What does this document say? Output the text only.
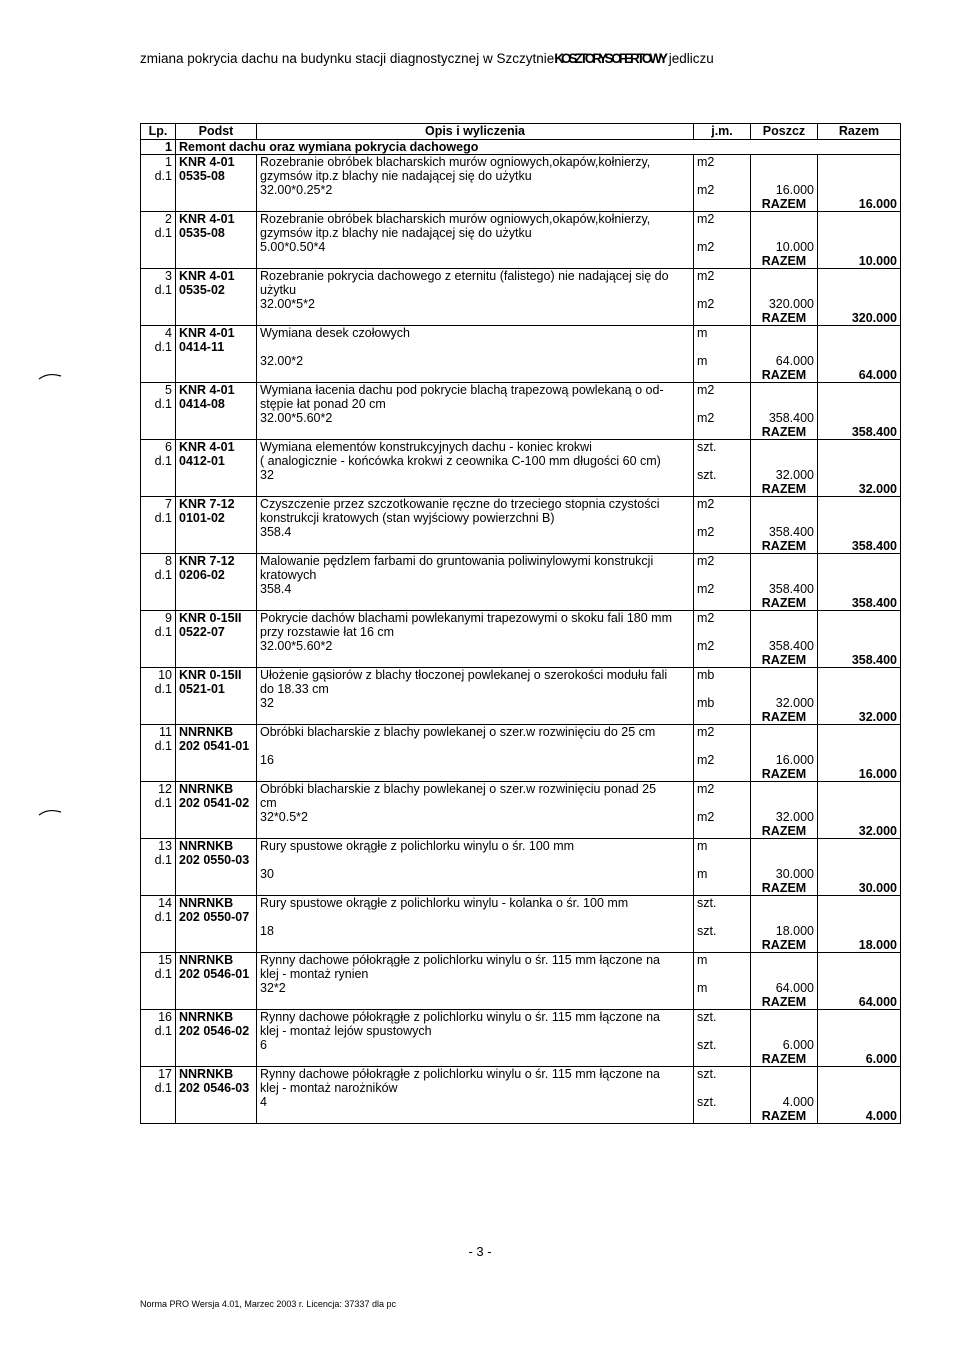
zmiana pokrycia dachu na budynku stacji diagnostycznej w SzczytnieKOSZTORYS OFERTOWY jedliczu
Lp.	Podst	Opis i wyliczenia	j.m.	Poszcz	Razem
1	Remont dachu oraz wymiana pokrycia dachowego				
1	KNR 4-01	Rozebranie obróbek blacharskich murów ogniowych,okapów,kołnierzy,	m2		
d.1	0535-08	gzymsów itp.z blachy nie nadającej się do użytku			
		32.00*0.25*2	m2	16.000	
				RAZEM	16.000
2	KNR 4-01	Rozebranie obróbek blacharskich murów ogniowych,okapów,kołnierzy,	m2		
d.1	0535-08	gzymsów itp.z blachy nie nadającej się do użytku			
		5.00*0.50*4	m2	10.000	
				RAZEM	10.000
3	KNR 4-01	Rozebranie pokrycia dachowego z eternitu (falistego) nie nadającej się do	m2		
d.1	0535-02	użytku			
		32.00*5*2	m2	320.000	
				RAZEM	320.000
4	KNR 4-01	Wymiana desek czołowych	m		
d.1	0414-11				
		32.00*2	m	64.000	
				RAZEM	64.000
5	KNR 4-01	Wymiana łacenia dachu pod pokrycie blachą trapezową powlekaną o od-	m2		
d.1	0414-08	stępie łat ponad 20 cm			
		32.00*5.60*2	m2	358.400	
				RAZEM	358.400
6	KNR 4-01	Wymiana elementów konstrukcyjnych dachu - koniec krokwi	szt.		
d.1	0412-01	( analogicznie - końcówka krokwi z ceownika C-100 mm długości 60 cm)			
		32	szt.	32.000	
				RAZEM	32.000
7	KNR 7-12	Czyszczenie przez szczotkowanie ręczne do trzeciego stopnia czystości	m2		
d.1	0101-02	konstrukcji kratowych (stan wyjściowy powierzchni B)			
		358.4	m2	358.400	
				RAZEM	358.400
8	KNR 7-12	Malowanie pędzlem farbami do gruntowania poliwinylowymi konstrukcji	m2		
d.1	0206-02	kratowych			
		358.4	m2	358.400	
				RAZEM	358.400
9	KNR 0-15II	Pokrycie dachów blachami powlekanymi trapezowymi o skoku fali 180 mm	m2		
d.1	0522-07	przy rozstawie łat 16 cm			
		32.00*5.60*2	m2	358.400	
				RAZEM	358.400
10	KNR 0-15II	Ułożenie gąsiorów z blachy tłoczonej powlekanej o szerokości modułu fali	mb		
d.1	0521-01	do 18.33 cm			
		32	mb	32.000	
				RAZEM	32.000
11	NNRNKB	Obróbki blacharskie z blachy powlekanej o szer.w rozwinięciu do 25 cm	m2		
d.1	202 0541-01				
		16	m2	16.000	
				RAZEM	16.000
12	NNRNKB	Obróbki blacharskie z blachy powlekanej o szer.w rozwinięciu ponad 25	m2		
d.1	202 0541-02	cm			
		32*0.5*2	m2	32.000	
				RAZEM	32.000
13	NNRNKB	Rury spustowe okrągłe z polichlorku winylu o śr. 100 mm	m		
d.1	202 0550-03				
		30	m	30.000	
				RAZEM	30.000
14	NNRNKB	Rury spustowe okrągłe z polichlorku winylu - kolanka o śr. 100 mm	szt.		
d.1	202 0550-07				
		18	szt.	18.000	
				RAZEM	18.000
15	NNRNKB	Rynny dachowe półokrągłe z polichlorku winylu o śr. 115 mm łączone na	m		
d.1	202 0546-01	klej - montaż rynien			
		32*2	m	64.000	
				RAZEM	64.000
16	NNRNKB	Rynny dachowe półokrągłe z polichlorku winylu o śr. 115 mm łączone na	szt.		
d.1	202 0546-02	klej - montaż lejów spustowych			
		6	szt.	6.000	
				RAZEM	6.000
17	NNRNKB	Rynny dachowe półokrągłe z polichlorku winylu o śr. 115 mm łączone na	szt.		
d.1	202 0546-03	klej - montaż narożników			
		4	szt.	4.000	
				RAZEM	4.000
- 3 -
Norma PRO Wersja 4.01, Marzec 2003 r. Licencja: 37337 dla pc
